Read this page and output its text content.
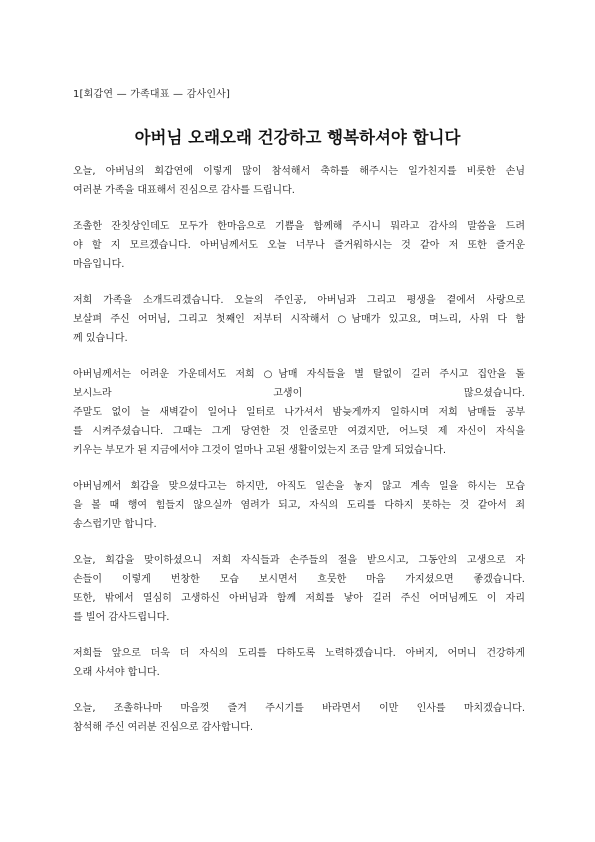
1[회갑연 — 가족대표 — 감사인사]
아버님 오래오래 건강하고 행복하셔야 합니다
오늘, 아버님의 회갑연에 이렇게 많이 참석해서 축하를 해주시는 일가친지를 비롯한 손님
여러분 가족을 대표해서 진심으로 감사를 드립니다.
조촐한 잔칫상인데도 모두가 한마음으로 기쁨을 함께해 주시니 뭐라고 감사의 말씀을 드려
야 할 지 모르겠습니다. 아버님께서도 오늘 너무나 즐거워하시는 것 같아 저 또한 즐거운
마음입니다.
저희 가족을 소개드리겠습니다. 오늘의 주인공, 아버님과 그리고 평생을 곁에서 사랑으로
보살펴 주신 어머님, 그리고 첫째인 저부터 시작해서 ○남매가 있고요, 며느리, 사위 다 함
께 있습니다.
아버님께서는 어려운 가운데서도 저희 ○남매 자식들을 별 탈없이 길러 주시고 집안을 돌
보시느라 고생이 많으셨습니다.
주말도 없이 늘 새벽같이 일어나 일터로 나가셔서 밤늦게까지 일하시며 저희 남매들 공부
를 시켜주셨습니다. 그때는 그게 당연한 것 인줄로만 여겼지만, 어느덧 제 자신이 자식을
키우는 부모가 된 지금에서야 그것이 얼마나 고된 생활이었는지 조금 알게 되었습니다.
아버님께서 회갑을 맞으셨다고는 하지만, 아직도 일손을 놓지 않고 계속 일을 하시는 모습
을 볼 때 행여 힘들지 않으실까 염려가 되고, 자식의 도리를 다하지 못하는 것 같아서 죄
송스럽기만 합니다.
오늘, 회갑을 맞이하셨으니 저희 자식들과 손주들의 절을 받으시고, 그동안의 고생으로 자
손들이 이렇게 번창한 모습 보시면서 흐뭇한 마음 가지셨으면 좋겠습니다.
또한, 밖에서 열심히 고생하신 아버님과 함께 저희를 낳아 길러 주신 어머님께도 이 자리
를 빌어 감사드립니다.
저희들 앞으로 더욱 더 자식의 도리를 다하도록 노력하겠습니다. 아버지, 어머니 건강하게
오래 사셔야 합니다.
오늘, 조촐하나마 마음껏 즐겨 주시기를 바라면서 이만 인사를 마치겠습니다.
참석해 주신 여러분 진심으로 감사합니다.
